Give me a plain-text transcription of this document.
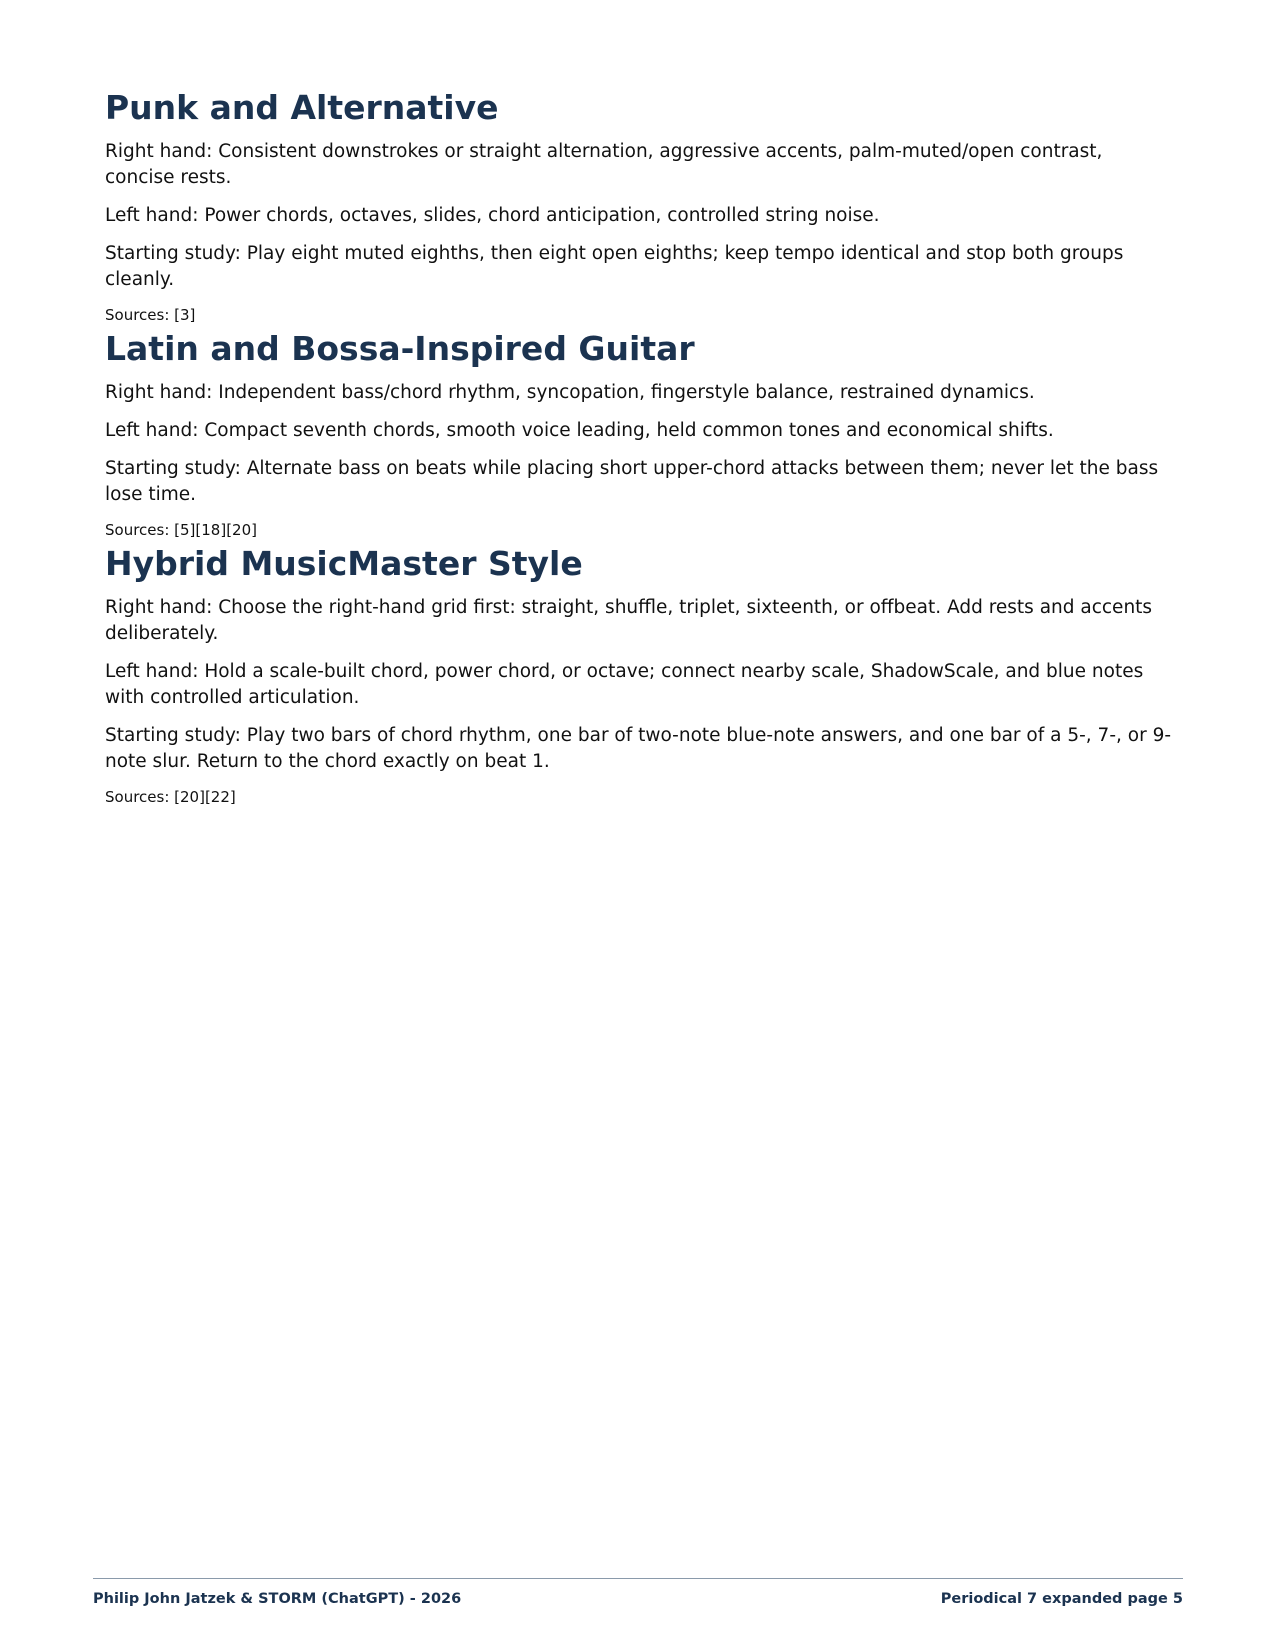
Punk and Alternative

Right hand: Consistent downstrokes or straight alternation, aggressive accents, palm-muted/open contrast, concise rests.

Left hand: Power chords, octaves, slides, chord anticipation, controlled string noise.

Starting study: Play eight muted eighths, then eight open eighths; keep tempo identical and stop both groups cleanly.

Sources: [3]

Latin and Bossa-Inspired Guitar

Right hand: Independent bass/chord rhythm, syncopation, fingerstyle balance, restrained dynamics.

Left hand: Compact seventh chords, smooth voice leading, held common tones and economical shifts.

Starting study: Alternate bass on beats while placing short upper-chord attacks between them; never let the bass lose time.

Sources: [5][18][20]

Hybrid MusicMaster Style

Right hand: Choose the right-hand grid first: straight, shuffle, triplet, sixteenth, or offbeat. Add rests and accents deliberately.

Left hand: Hold a scale-built chord, power chord, or octave; connect nearby scale, ShadowScale, and blue notes with controlled articulation.

Starting study: Play two bars of chord rhythm, one bar of two-note blue-note answers, and one bar of a 5-, 7-, or 9-note slur. Return to the chord exactly on beat 1.

Sources: [20][22]

Philip John Jatzek & STORM (ChatGPT) - 2026	Periodical 7 expanded page 5
